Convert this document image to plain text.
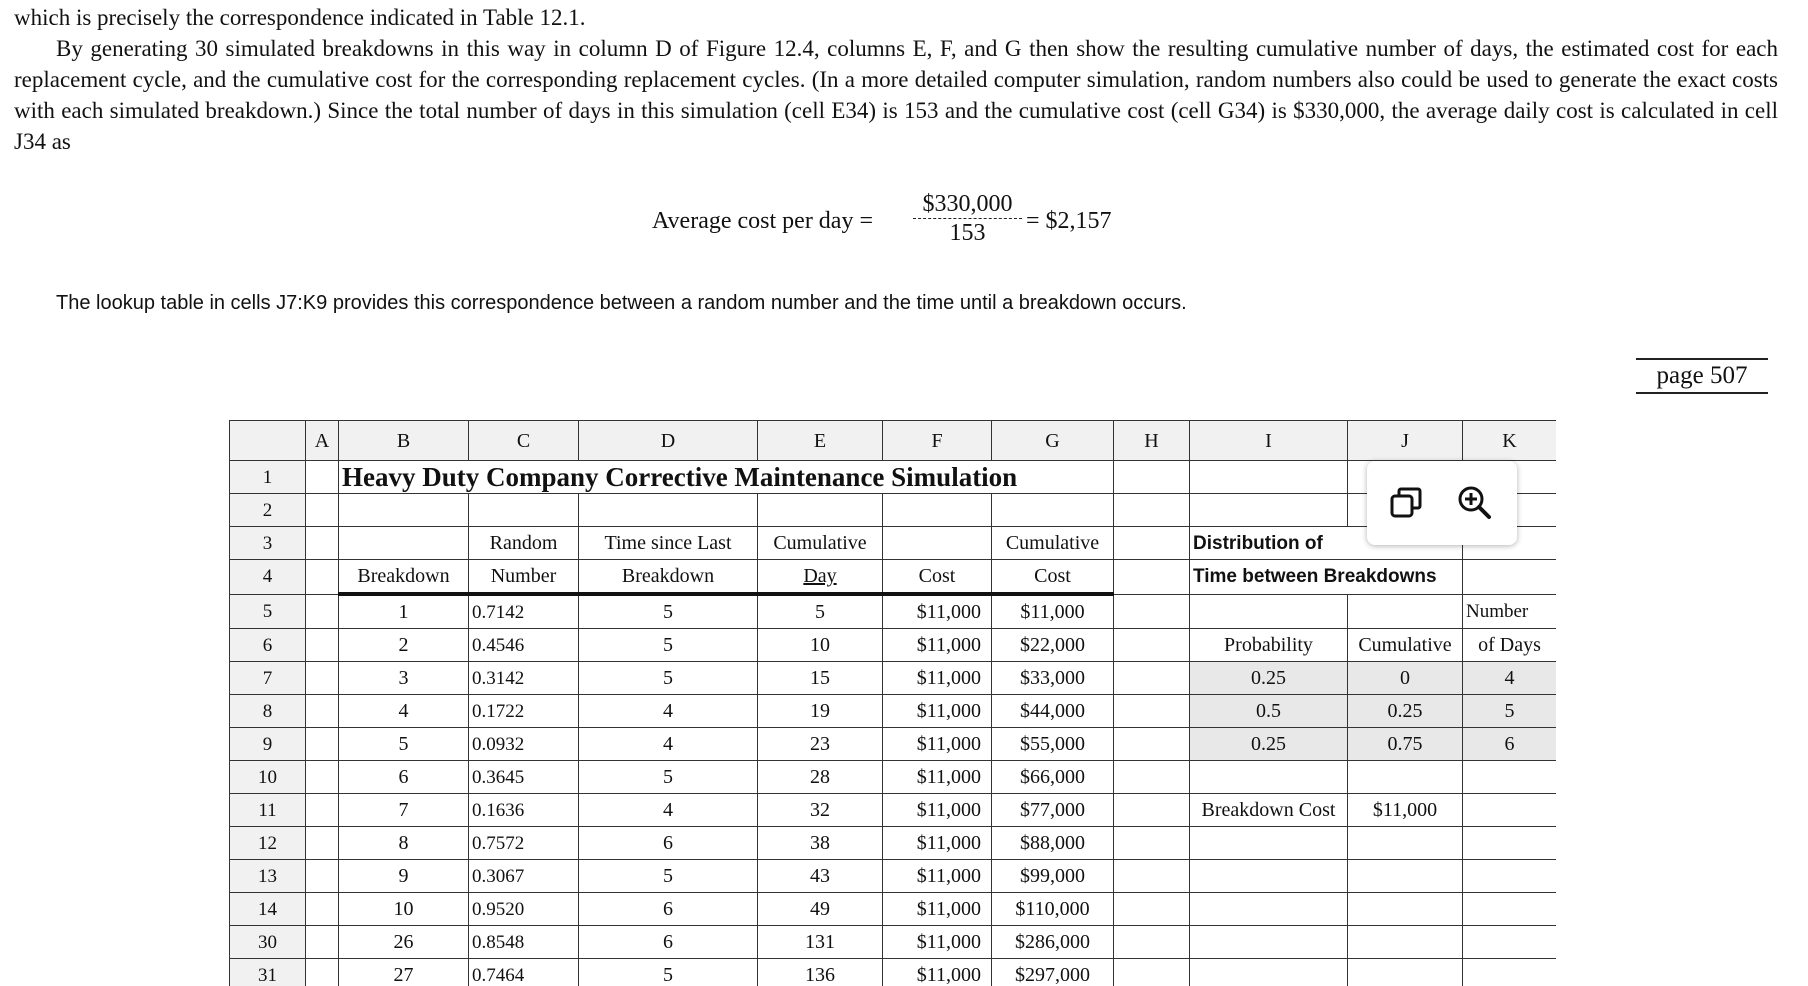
which is precisely the correspondence indicated in Table 12.1.
By generating 30 simulated breakdowns in this way in column D of Figure 12.4, columns E, F, and G then show the resulting cumulative number of days, the estimated cost for each replacement cycle, and the cumulative cost for the corresponding replacement cycles. (In a more detailed computer simulation, random numbers also could be used to generate the exact costs with each simulated breakdown.) Since the total number of days in this simulation (cell E34) is 153 and the cumulative cost (cell G34) is $330,000, the average daily cost is calculated in cell J34 as
Average cost per day = $\frac{\$330,000}{153}$ = $2,157
The lookup table in cells J7:K9 provides this correspondence between a random number and the time until a breakdown occurs.
page 507
	A	B	C	D	E	F	G	H	I	J	K
1		Heavy Duty Company Corrective Maintenance Simulation									
2											
3			Random	Time since Last	Cumulative		Cumulative		Distribution of		
4		Breakdown	Number	Breakdown	Day	Cost	Cost		Time between Breakdowns		
5		1	0.7142	5	5	$11,000	$11,000				Number
6		2	0.4546	5	10	$11,000	$22,000		Probability	Cumulative	of Days
7		3	0.3142	5	15	$11,000	$33,000		0.25	0	4
8		4	0.1722	4	19	$11,000	$44,000		0.5	0.25	5
9		5	0.0932	4	23	$11,000	$55,000		0.25	0.75	6
10		6	0.3645	5	28	$11,000	$66,000				
11		7	0.1636	4	32	$11,000	$77,000		Breakdown Cost	$11,000	
12		8	0.7572	6	38	$11,000	$88,000				
13		9	0.3067	5	43	$11,000	$99,000				
14		10	0.9520	6	49	$11,000	$110,000				
30		26	0.8548	6	131	$11,000	$286,000				
31		27	0.7464	5	136	$11,000	$297,000				
